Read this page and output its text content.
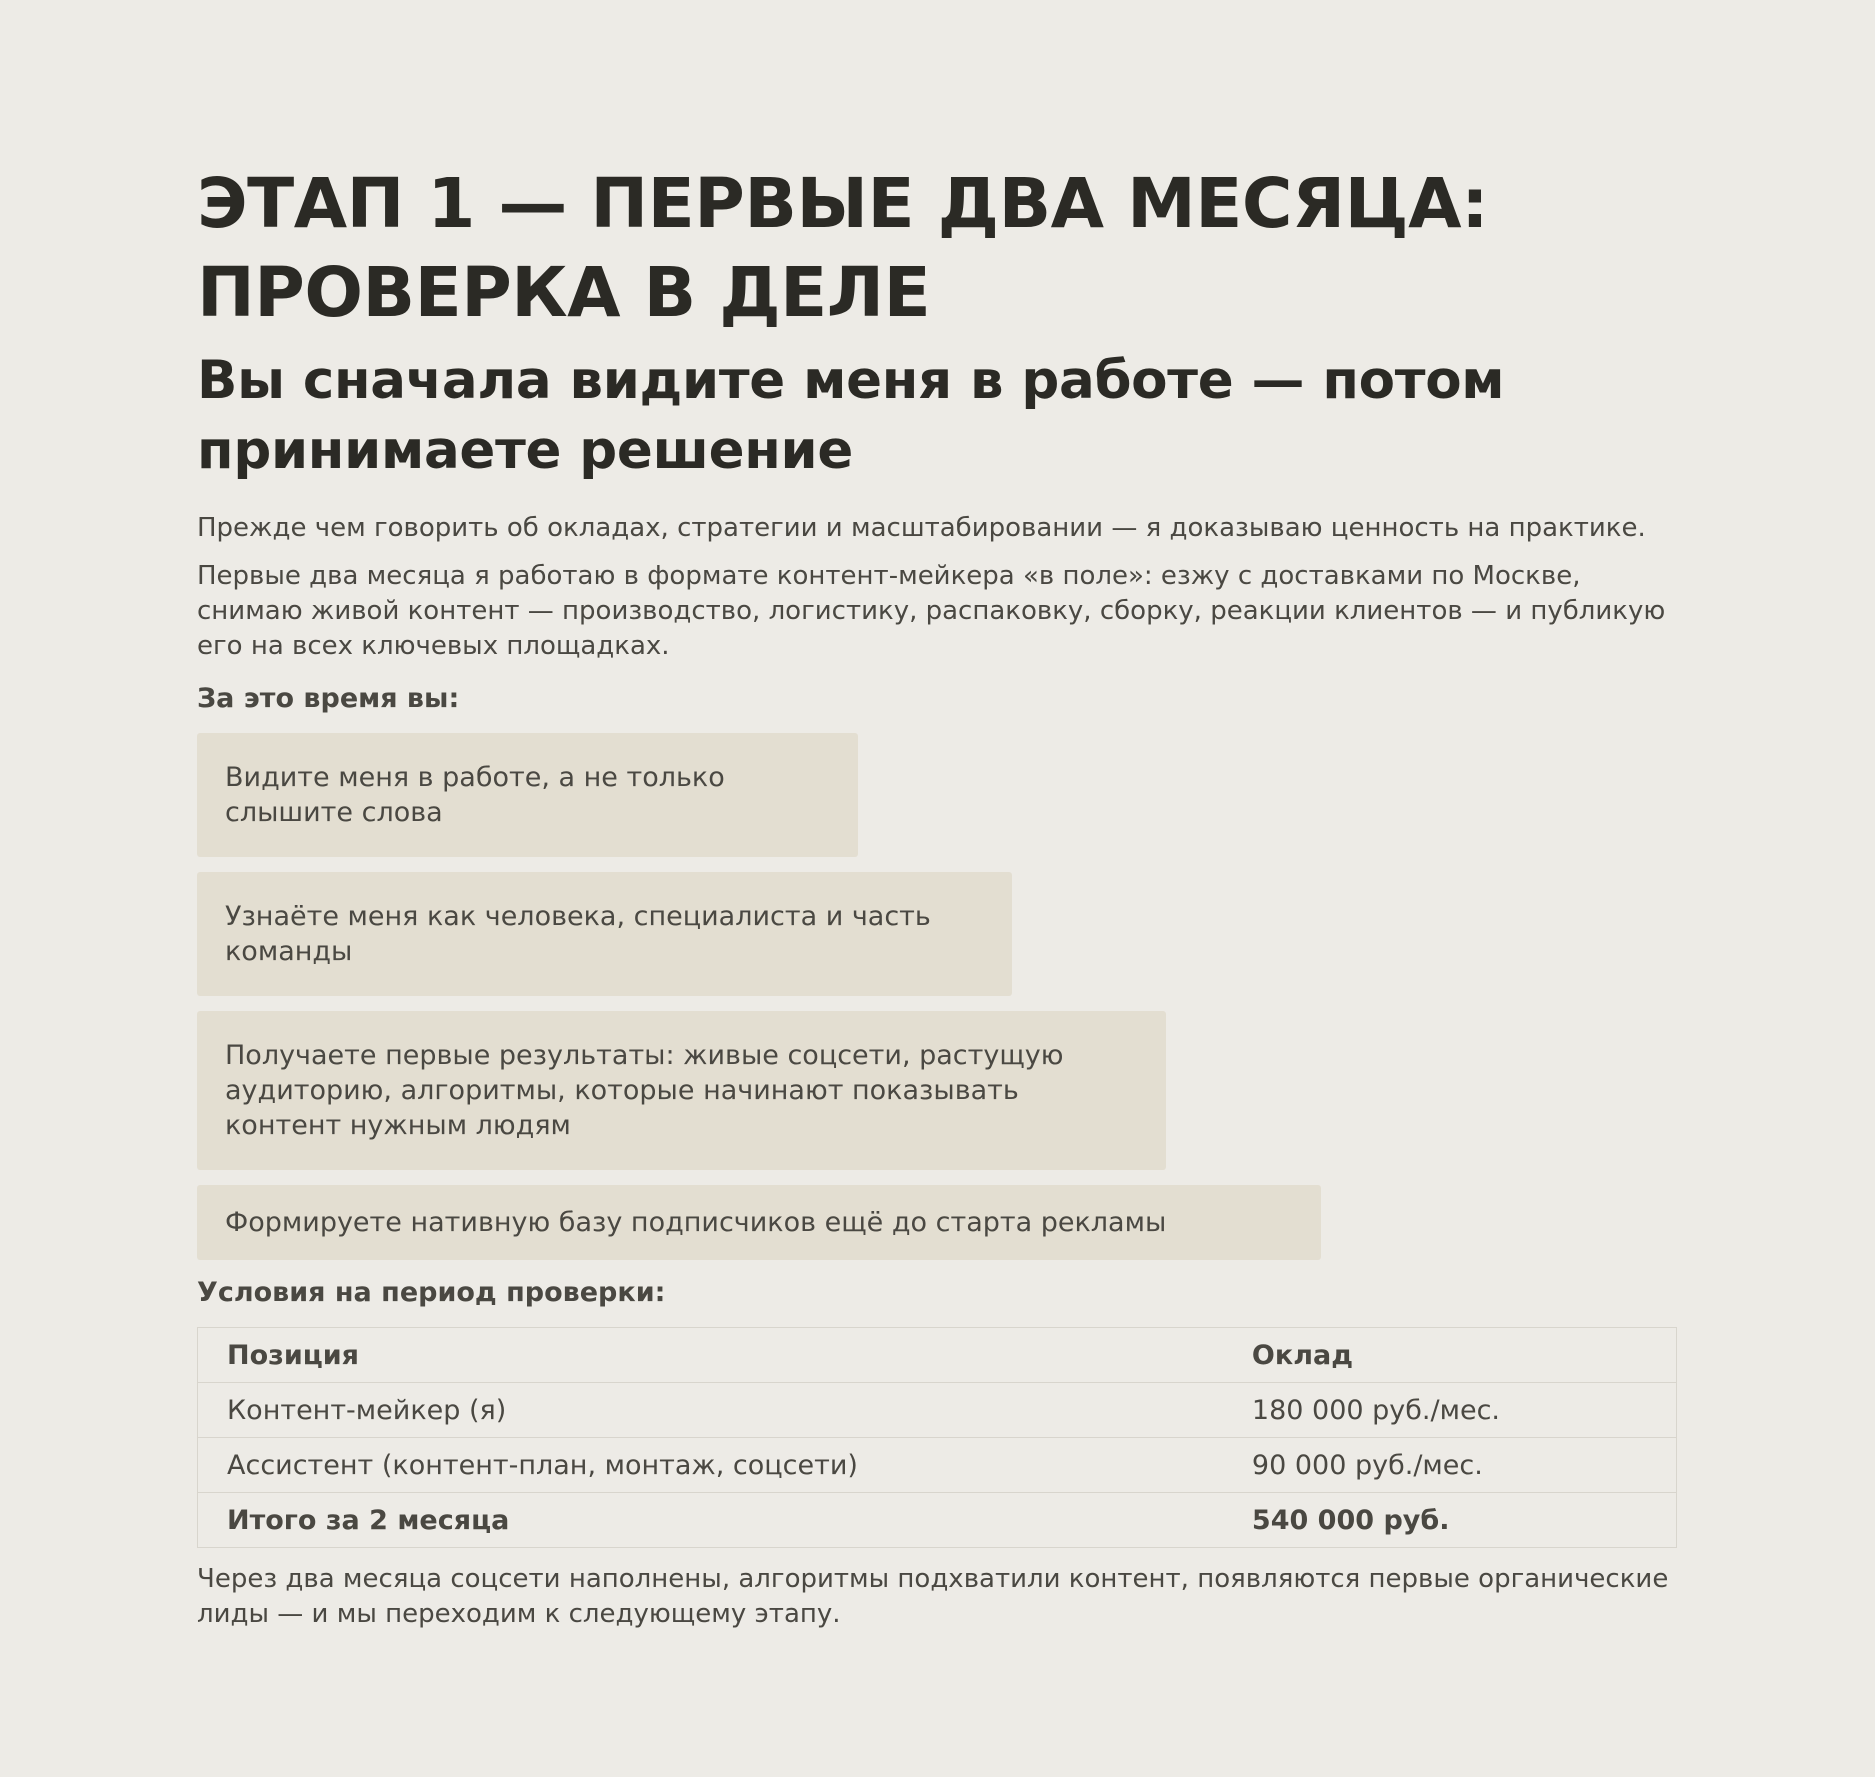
ЭТАП 1 — ПЕРВЫЕ ДВА МЕСЯЦА: ПРОВЕРКА В ДЕЛЕ
Вы сначала видите меня в работе — потом принимаете решение

Прежде чем говорить об окладах, стратегии и масштабировании — я доказываю ценность на практике.

Первые два месяца я работаю в формате контент-мейкера «в поле»: езжу с доставками по Москве, снимаю живой контент — производство, логистику, распаковку, сборку, реакции клиентов — и публикую его на всех ключевых площадках.

За это время вы:
Видите меня в работе, а не только слышите слова
Узнаёте меня как человека, специалиста и часть команды
Получаете первые результаты: живые соцсети, растущую аудиторию, алгоритмы, которые начинают показывать контент нужным людям
Формируете нативную базу подписчиков ещё до старта рекламы
Условия на период проверки:
Позиция	Оклад
Контент-мейкер (я)	180 000 руб./мес.
Ассистент (контент-план, монтаж, соцсети)	90 000 руб./мес.
Итого за 2 месяца	540 000 руб.

Через два месяца соцсети наполнены, алгоритмы подхватили контент, появляются первые органические лиды — и мы переходим к следующему этапу.
